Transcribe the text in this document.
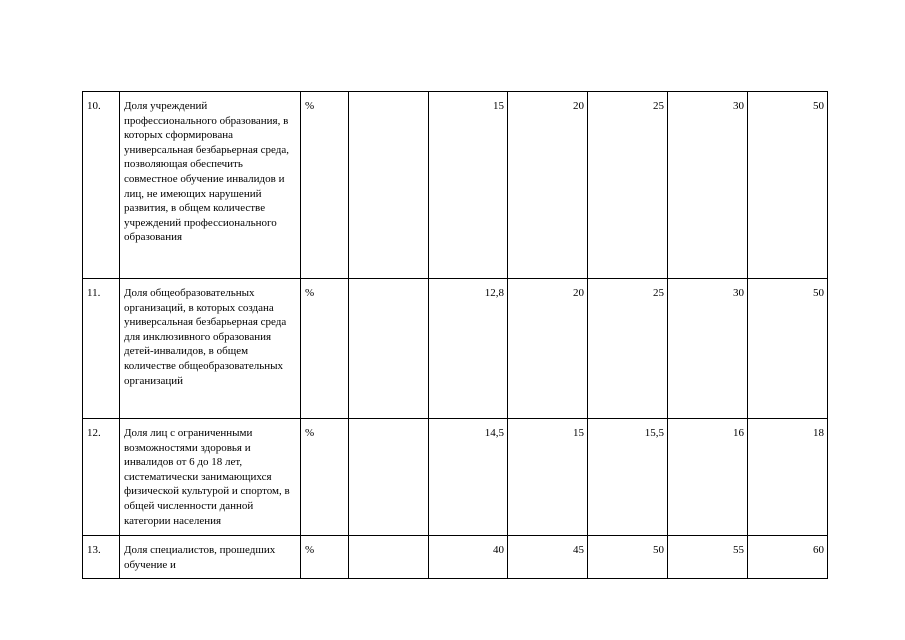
10.	Доля учреждений профессионального образования, в которых сформирована универсальная безбарьерная среда, позволяющая обеспечить совместное обучение инвалидов и лиц, не имеющих нарушений развития, в общем количестве учреждений профессионального образования	%		15	20	25	30	50
11.	Доля общеобразовательных организаций, в которых создана универсальная безбарьерная среда для инклюзивного образования детей-инвалидов, в общем количестве общеобразовательных организаций	%		12,8	20	25	30	50
12.	Доля лиц с ограниченными возможностями здоровья и инвалидов от 6 до 18 лет, систематически занимающихся физической культурой и спортом, в общей численности данной категории населения	%		14,5	15	15,5	16	18
13.	Доля специалистов, прошедших обучение и	%		40	45	50	55	60
